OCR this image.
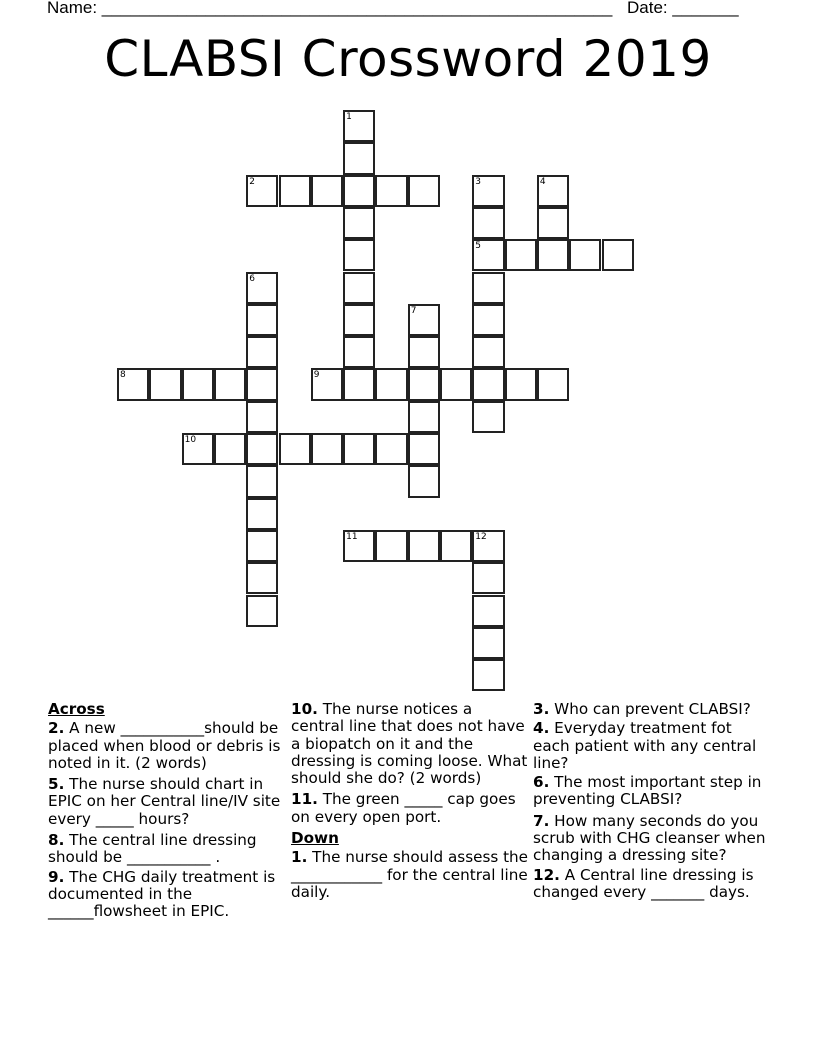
Name: ______________________________________________________ Date: _______
CLABSI Crossword 2019
1
2	3
5
4
6
7
8	9
10
11	12
Across
2. A new ___________should be placed when blood or debris is noted in it. (2 words)
5. The nurse should chart in EPIC on her Central line/IV site every _____ hours?
8. The central line dressing should be ___________ .
9. The CHG daily treatment is documented in the ______flowsheet in EPIC.
10. The nurse notices a central line that does not have a biopatch on it and the dressing is coming loose. What should she do? (2 words)
11. The green _____ cap goes on every open port.
Down
1. The nurse should assess the ____________ for the central line daily.
3. Who can prevent CLABSI?
4. Everyday treatment fot each patient with any central line?
6. The most important step in preventing CLABSI?
7. How many seconds do you scrub with CHG cleanser when changing a dressing site?
12. A Central line dressing is changed every _______ days.
